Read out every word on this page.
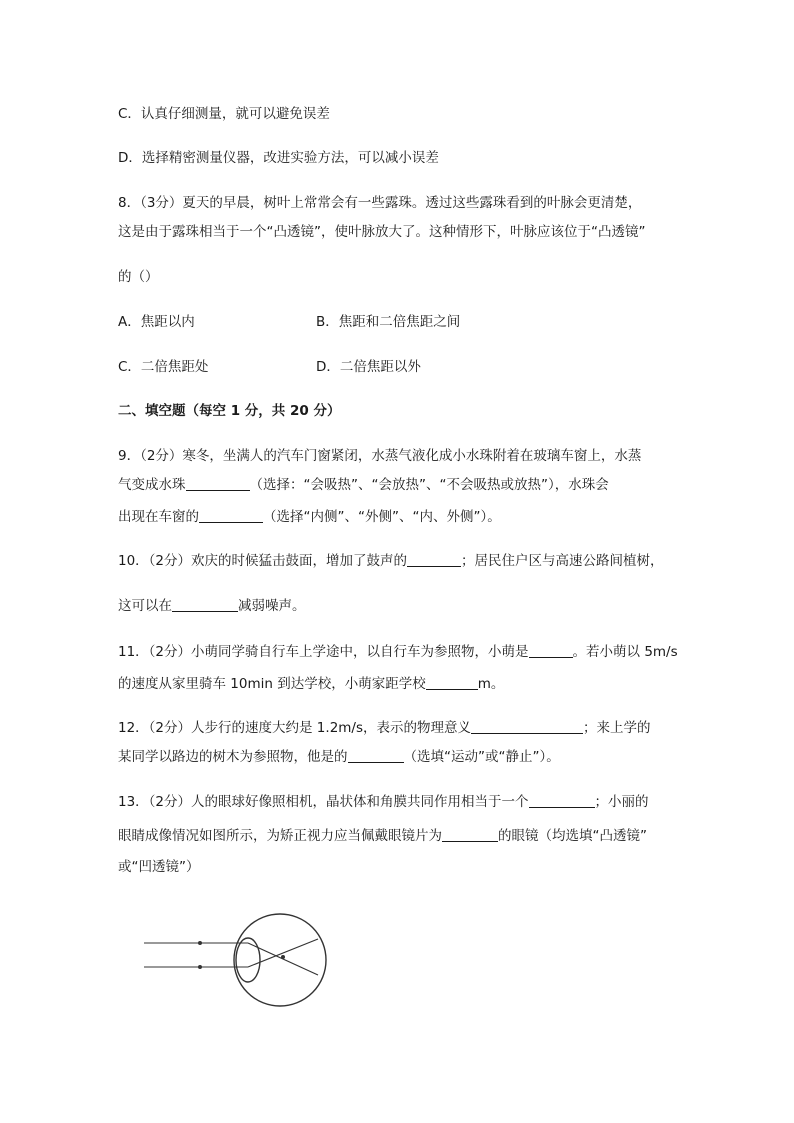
C．认真仔细测量，就可以避免误差
D．选择精密测量仪器，改进实验方法，可以减小误差
8．（3分）夏天的早晨，树叶上常常会有一些露珠。透过这些露珠看到的叶脉会更清楚，
这是由于露珠相当于一个“凸透镜”，使叶脉放大了。这种情形下，叶脉应该位于“凸透镜”
的（）
A．焦距以内	B．焦距和二倍焦距之间
C．二倍焦距处	D．二倍焦距以外
二、填空题（每空 1 分，共 20 分）
9．（2分）寒冬，坐满人的汽车门窗紧闭，水蒸气液化成小水珠附着在玻璃车窗上，水蒸
气变成水珠	（选择：“会吸热”、“会放热”、“不会吸热或放热”），水珠会
出现在车窗的	（选择“内侧”、“外侧”、“内、外侧”）。
10．（2分）欢庆的时候猛击鼓面，增加了鼓声的	；居民住户区与高速公路间植树，
这可以在	减弱噪声。
11．（2分）小萌同学骑自行车上学途中，以自行车为参照物，小萌是	。若小萌以 5m/s
的速度从家里骑车 10min 到达学校，小萌家距学校	m。
12．（2分）人步行的速度大约是 1.2m/s，表示的物理意义	；来上学的
某同学以路边的树木为参照物，他是的	（选填“运动”或“静止”）。
13．（2分）人的眼球好像照相机，晶状体和角膜共同作用相当于一个	；小丽的
眼睛成像情况如图所示，为矫正视力应当佩戴眼镜片为	的眼镜（均选填“凸透镜”
或“凹透镜”）
